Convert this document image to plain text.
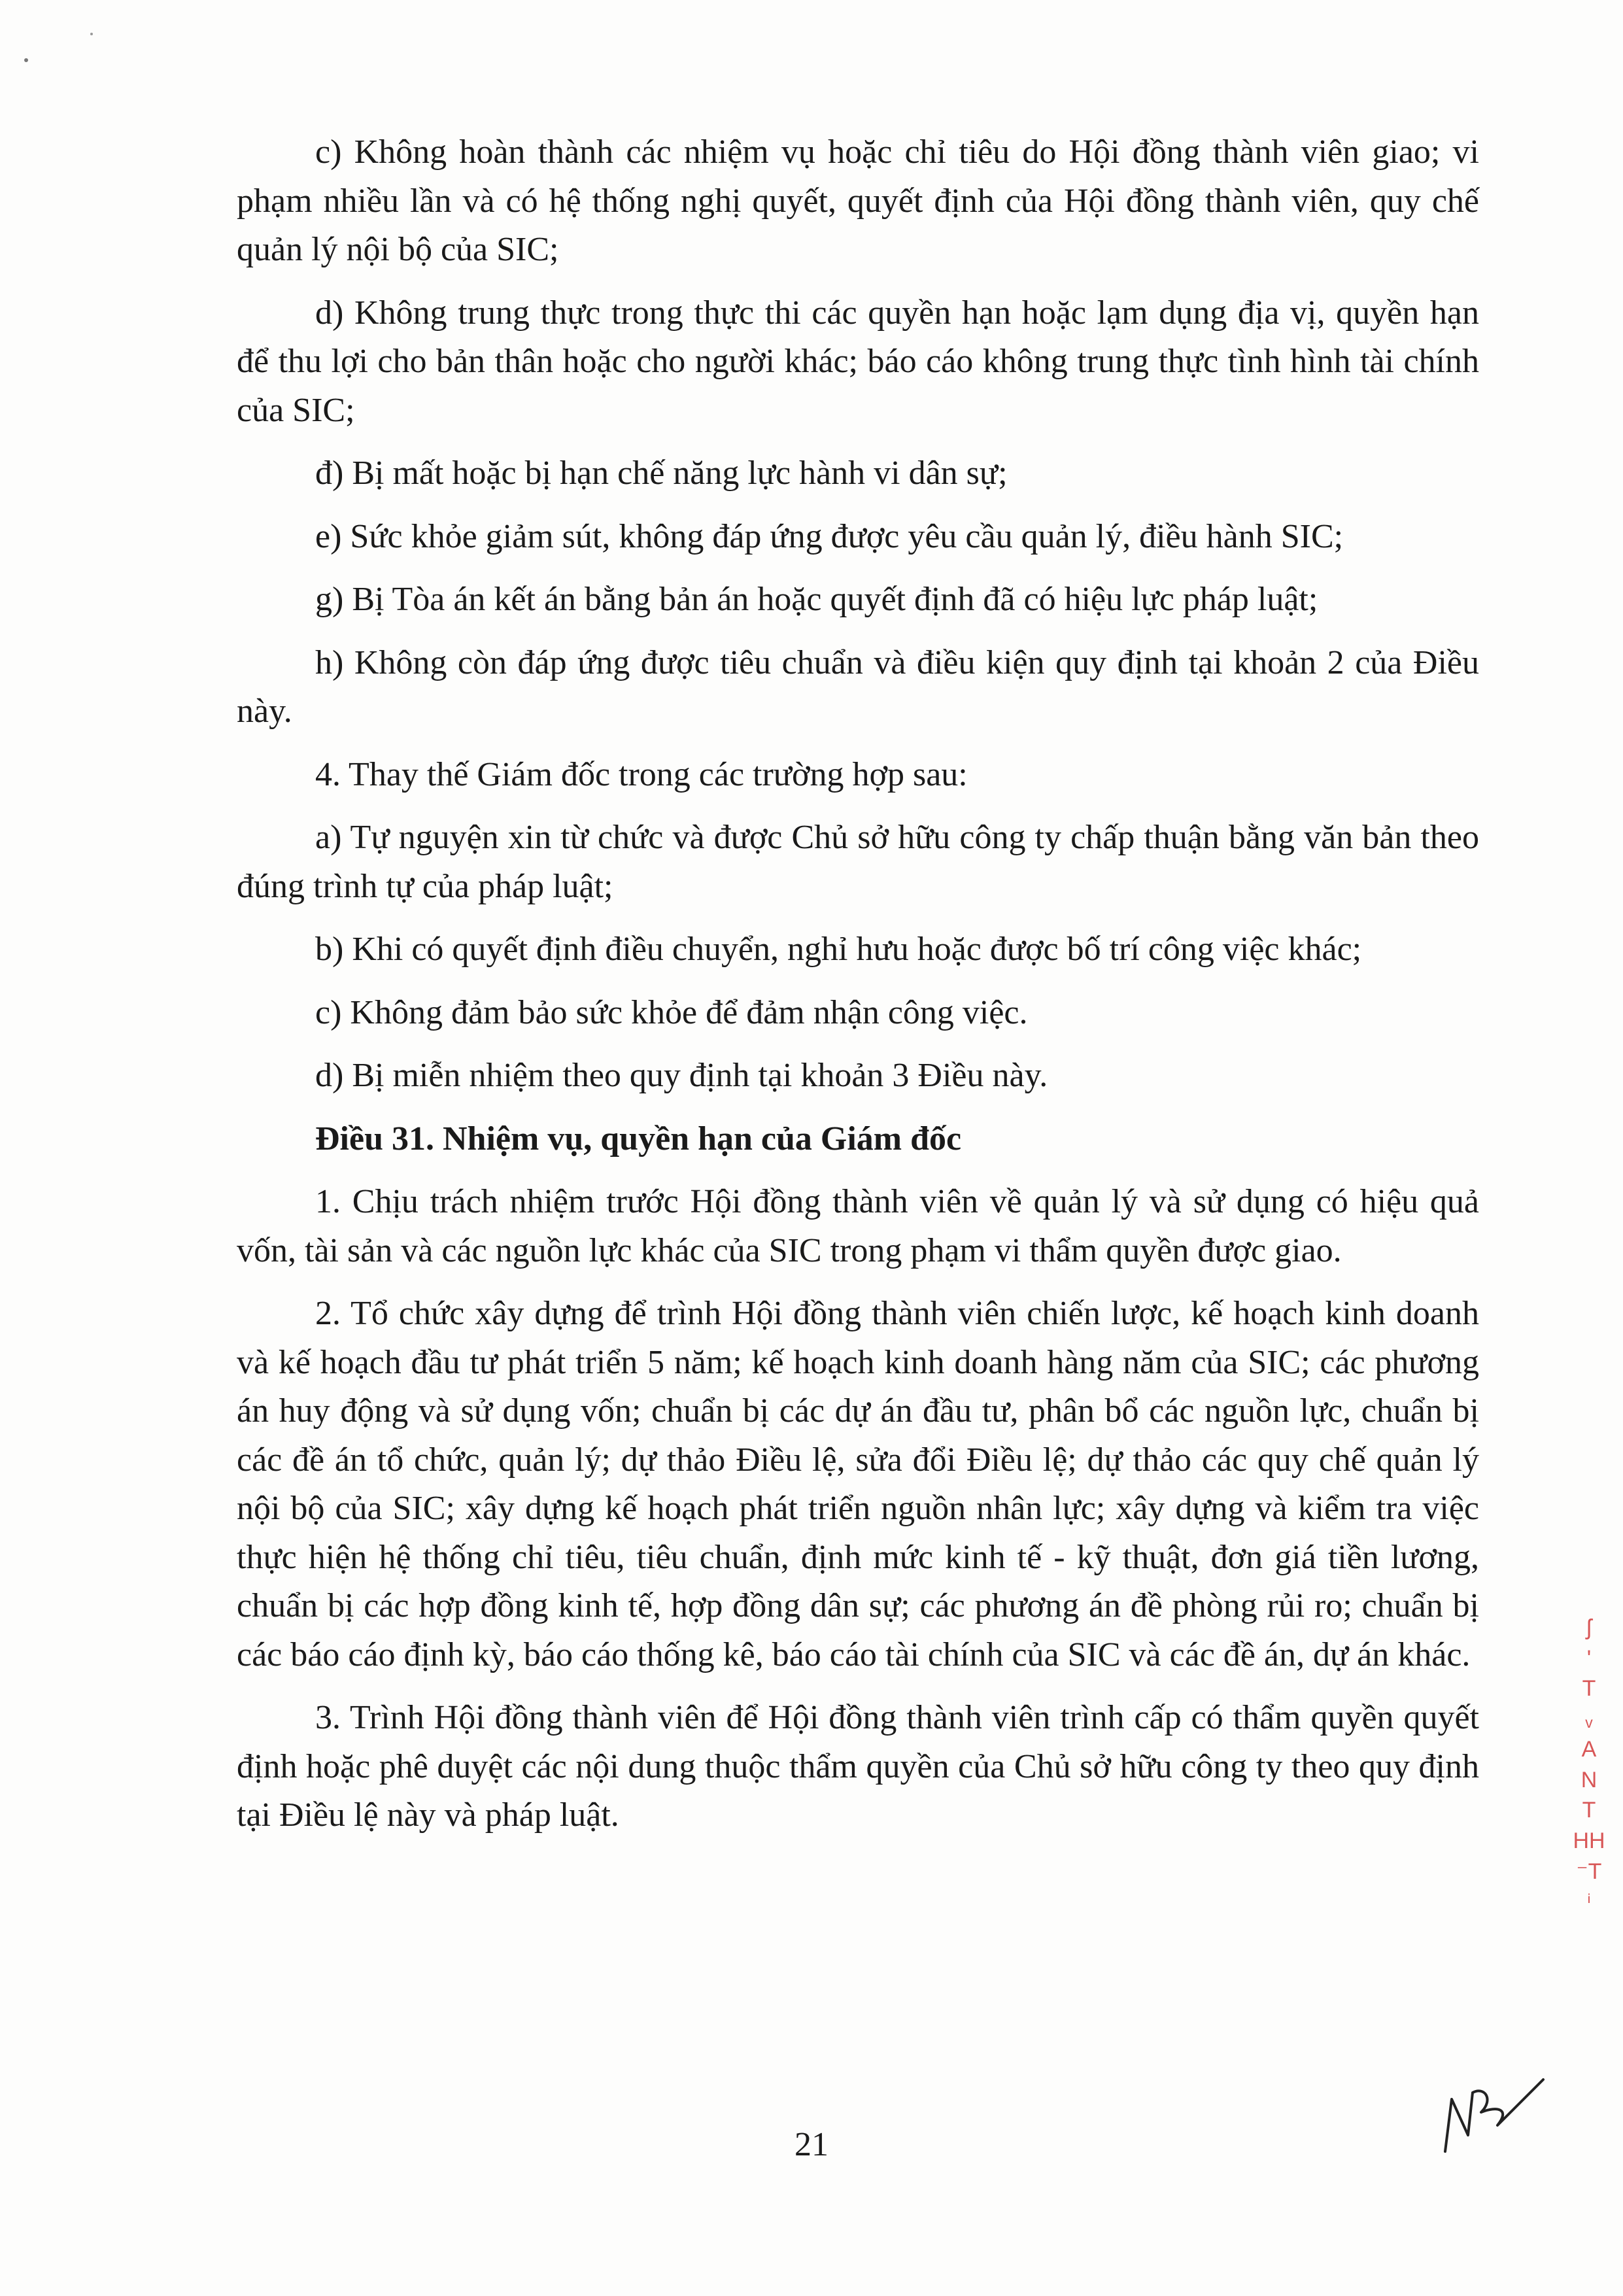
c) Không hoàn thành các nhiệm vụ hoặc chỉ tiêu do Hội đồng thành viên giao; vi phạm nhiều lần và có hệ thống nghị quyết, quyết định của Hội đồng thành viên, quy chế quản lý nội bộ của SIC;

d) Không trung thực trong thực thi các quyền hạn hoặc lạm dụng địa vị, quyền hạn để thu lợi cho bản thân hoặc cho người khác; báo cáo không trung thực tình hình tài chính của SIC;

đ) Bị mất hoặc bị hạn chế năng lực hành vi dân sự;

e) Sức khỏe giảm sút, không đáp ứng được yêu cầu quản lý, điều hành SIC;

g) Bị Tòa án kết án bằng bản án hoặc quyết định đã có hiệu lực pháp luật;

h) Không còn đáp ứng được tiêu chuẩn và điều kiện quy định tại khoản 2 của Điều này.

4. Thay thế Giám đốc trong các trường hợp sau:

a) Tự nguyện xin từ chức và được Chủ sở hữu công ty chấp thuận bằng văn bản theo đúng trình tự của pháp luật;

b) Khi có quyết định điều chuyển, nghỉ hưu hoặc được bố trí công việc khác;

c) Không đảm bảo sức khỏe để đảm nhận công việc.

d) Bị miễn nhiệm theo quy định tại khoản 3 Điều này.

Điều 31. Nhiệm vụ, quyền hạn của Giám đốc

1. Chịu trách nhiệm trước Hội đồng thành viên về quản lý và sử dụng có hiệu quả vốn, tài sản và các nguồn lực khác của SIC trong phạm vi thẩm quyền được giao.

2. Tổ chức xây dựng để trình Hội đồng thành viên chiến lược, kế hoạch kinh doanh và kế hoạch đầu tư phát triển 5 năm; kế hoạch kinh doanh hàng năm của SIC; các phương án huy động và sử dụng vốn; chuẩn bị các dự án đầu tư, phân bổ các nguồn lực, chuẩn bị các đề án tổ chức, quản lý; dự thảo Điều lệ, sửa đổi Điều lệ; dự thảo các quy chế quản lý nội bộ của SIC; xây dựng kế hoạch phát triển nguồn nhân lực; xây dựng và kiểm tra việc thực hiện hệ thống chỉ tiêu, tiêu chuẩn, định mức kinh tế - kỹ thuật, đơn giá tiền lương, chuẩn bị các hợp đồng kinh tế, hợp đồng dân sự; các phương án đề phòng rủi ro; chuẩn bị các báo cáo định kỳ, báo cáo thống kê, báo cáo tài chính của SIC và các đề án, dự án khác.

3. Trình Hội đồng thành viên để Hội đồng thành viên trình cấp có thẩm quyền quyết định hoặc phê duyệt các nội dung thuộc thẩm quyền của Chủ sở hữu công ty theo quy định tại Điều lệ này và pháp luật.

ʃ
ʹ
T
ᵥ
A
N
T
HH
⁻T
ⁱ
21
